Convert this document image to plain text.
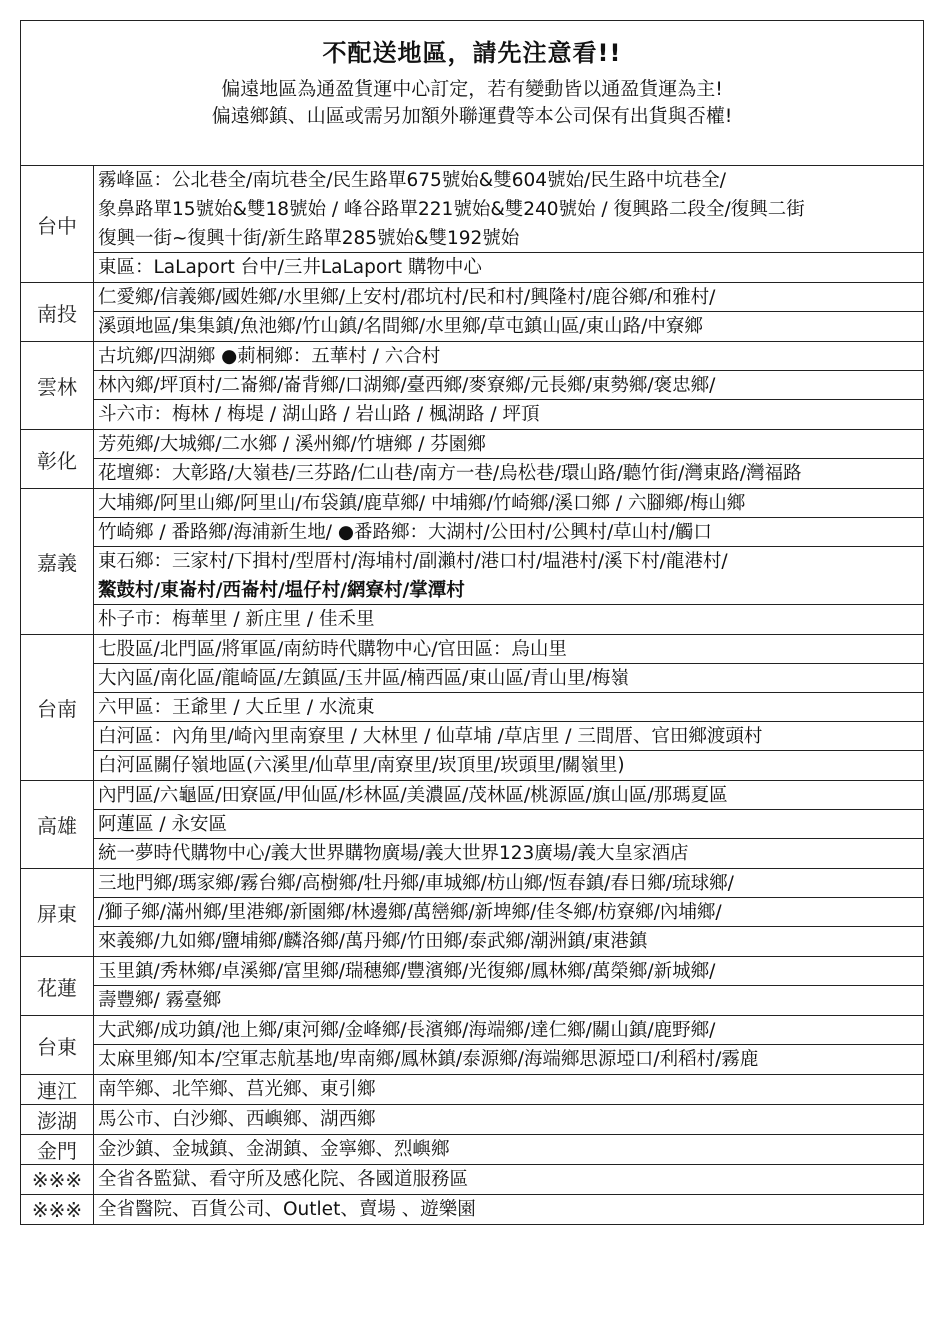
不配送地區，請先注意看!!
偏遠地區為通盈貨運中心訂定，若有變動皆以通盈貨運為主!
偏遠鄉鎮、山區或需另加額外聯運費等本公司保有出貨與否權!
台中	霧峰區：公北巷全/南坑巷全/民生路單675號始&雙604號始/民生路中坑巷全/
象鼻路單15號始&雙18號始 / 峰谷路單221號始&雙240號始 / 復興路二段全/復興二街
復興一街~復興十街/新生路單285號始&雙192號始
東區：LaLaport 台中/三井LaLaport 購物中心

南投	仁愛鄉/信義鄉/國姓鄉/水里鄉/上安村/郡坑村/民和村/興隆村/鹿谷鄉/和雅村/
溪頭地區/集集鎮/魚池鄉/竹山鎮/名間鄉/水里鄉/草屯鎮山區/東山路/中寮鄉

雲林	古坑鄉/四湖鄉 ●莿桐鄉：五華村 / 六合村
林內鄉/坪頂村/二崙鄉/崙背鄉/口湖鄉/臺西鄉/麥寮鄉/元長鄉/東勢鄉/褒忠鄉/
斗六市：梅林 / 梅堤 / 湖山路 / 岩山路 / 楓湖路 / 坪頂

彰化	芳苑鄉/大城鄉/二水鄉 / 溪州鄉/竹塘鄉 / 芬園鄉
花壇鄉：大彰路/大嶺巷/三芬路/仁山巷/南方一巷/烏松巷/環山路/聽竹街/灣東路/灣福路

嘉義	大埔鄉/阿里山鄉/阿里山/布袋鎮/鹿草鄉/ 中埔鄉/竹崎鄉/溪口鄉 / 六腳鄉/梅山鄉
竹崎鄉 / 番路鄉/海浦新生地/ ●番路鄉：大湖村/公田村/公興村/草山村/觸口
東石鄉：三家村/下揖村/型厝村/海埔村/副瀨村/港口村/塭港村/溪下村/龍港村/
鰲鼓村/東崙村/西崙村/塭仔村/網寮村/掌潭村
朴子市：梅華里 / 新庄里 / 佳禾里

台南	七股區/北門區/將軍區/南紡時代購物中心/官田區：烏山里
大內區/南化區/龍崎區/左鎮區/玉井區/楠西區/東山區/青山里/梅嶺
六甲區：王爺里 / 大丘里 / 水流東
白河區：內角里/崎內里南寮里 / 大林里 / 仙草埔 /草店里 / 三間厝、官田鄉渡頭村
白河區關仔嶺地區(六溪里/仙草里/南寮里/崁頂里/崁頭里/關嶺里)

高雄	內門區/六龜區/田寮區/甲仙區/杉林區/美濃區/茂林區/桃源區/旗山區/那瑪夏區
阿蓮區 / 永安區
統一夢時代購物中心/義大世界購物廣場/義大世界123廣場/義大皇家酒店

屏東	三地門鄉/瑪家鄉/霧台鄉/高樹鄉/牡丹鄉/車城鄉/枋山鄉/恆春鎮/春日鄉/琉球鄉/
/獅子鄉/滿州鄉/里港鄉/新園鄉/林邊鄉/萬巒鄉/新埤鄉/佳冬鄉/枋寮鄉/內埔鄉/
來義鄉/九如鄉/鹽埔鄉/麟洛鄉/萬丹鄉/竹田鄉/泰武鄉/潮洲鎮/東港鎮

花蓮	玉里鎮/秀林鄉/卓溪鄉/富里鄉/瑞穗鄉/豐濱鄉/光復鄉/鳳林鄉/萬榮鄉/新城鄉/
壽豐鄉/ 霧臺鄉

台東	大武鄉/成功鎮/池上鄉/東河鄉/金峰鄉/長濱鄉/海端鄉/達仁鄉/關山鎮/鹿野鄉/
太麻里鄉/知本/空軍志航基地/卑南鄉/鳳林鎮/泰源鄉/海端鄉思源埡口/利稻村/霧鹿

連江	南竿鄉、北竿鄉、莒光鄉、東引鄉

澎湖	馬公市、白沙鄉、西嶼鄉、湖西鄉

金門	金沙鎮、金城鎮、金湖鎮、金寧鄉、烈嶼鄉

※※※	全省各監獄、看守所及感化院、各國道服務區

※※※	全省醫院、百貨公司、Outlet、賣場 、遊樂園
